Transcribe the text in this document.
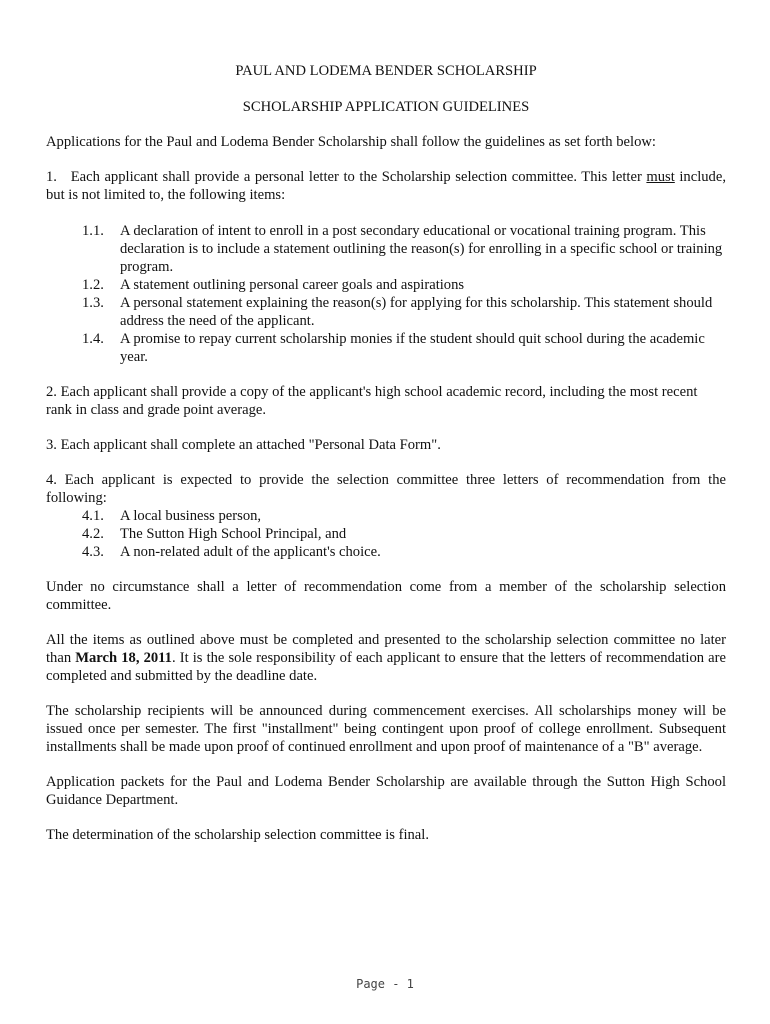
PAUL AND LODEMA BENDER SCHOLARSHIP

SCHOLARSHIP APPLICATION GUIDELINES

Applications for the Paul and Lodema Bender Scholarship shall follow the guidelines as set forth below:

1. Each applicant shall provide a personal letter to the Scholarship selection committee. This letter must include, but is not limited to, the following items:

1.1.	A declaration of intent to enroll in a post secondary educational or vocational training program. This declaration is to include a statement outlining the reason(s) for enrolling in a specific school or training program.
1.2.	A statement outlining personal career goals and aspirations
1.3.	A personal statement explaining the reason(s) for applying for this scholarship. This statement should address the need of the applicant.
1.4.	A promise to repay current scholarship monies if the student should quit school during the academic year.

2. Each applicant shall provide a copy of the applicant's high school academic record, including the most recent rank in class and grade point average.

3. Each applicant shall complete an attached "Personal Data Form".

4. Each applicant is expected to provide the selection committee three letters of recommendation from the following:

4.1.	A local business person,
4.2.	The Sutton High School Principal, and
4.3.	A non-related adult of the applicant's choice.

Under no circumstance shall a letter of recommendation come from a member of the scholarship selection committee.

All the items as outlined above must be completed and presented to the scholarship selection committee no later than March 18, 2011. It is the sole responsibility of each applicant to ensure that the letters of recommendation are completed and submitted by the deadline date.

The scholarship recipients will be announced during commencement exercises. All scholarships money will be issued once per semester. The first "installment" being contingent upon proof of college enrollment. Subsequent installments shall be made upon proof of continued enrollment and upon proof of maintenance of a "B" average.

Application packets for the Paul and Lodema Bender Scholarship are available through the Sutton High School Guidance Department.

The determination of the scholarship selection committee is final.

Page - 1
